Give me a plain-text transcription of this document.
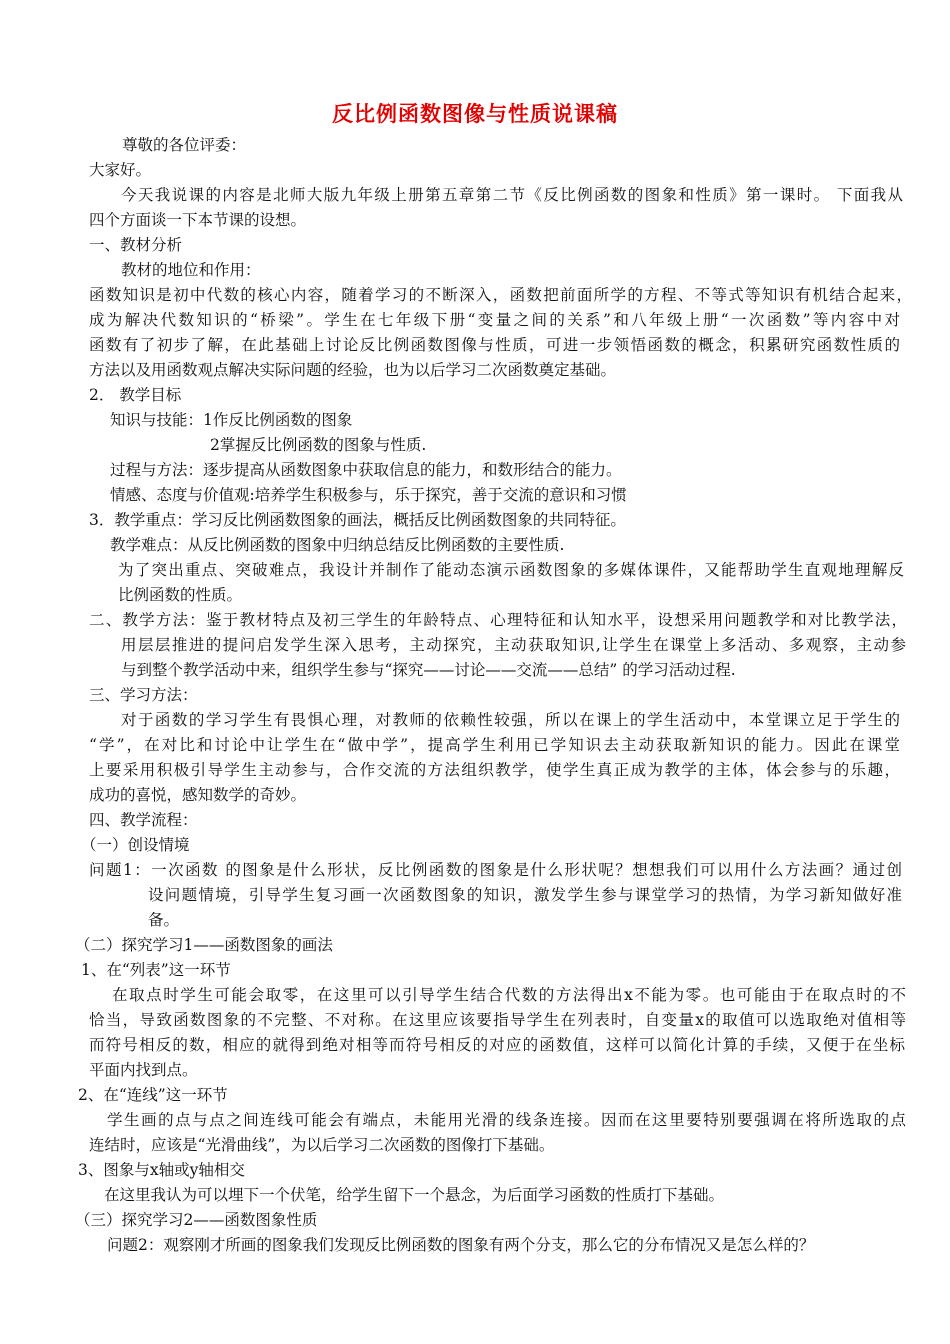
反比例函数图像与性质说课稿
尊敬的各位评委：
大家好。
今天我说课的内容是北师大版九年级上册第五章第二节《反比例函数的图象和性质》第一课时。 下面我从
四个方面谈一下本节课的设想。
一、教材分析
教材的地位和作用：
函数知识是初中代数的核心内容，随着学习的不断深入，函数把前面所学的方程、不等式等知识有机结合起来，
成为解决代数知识的“桥梁”。学生在七年级下册“变量之间的关系”和八年级上册“一次函数”等内容中对
函数有了初步了解，在此基础上讨论反比例函数图像与性质，可进一步领悟函数的概念，积累研究函数性质的
方法以及用函数观点解决实际问题的经验，也为以后学习二次函数奠定基础。
2． 教学目标
知识与技能：1作反比例函数的图象
2掌握反比例函数的图象与性质.
过程与方法：逐步提高从函数图象中获取信息的能力，和数形结合的能力。
情感、态度与价值观:培养学生积极参与，乐于探究，善于交流的意识和习惯
3．教学重点：学习反比例函数图象的画法，概括反比例函数图象的共同特征。
教学难点：从反比例函数的图象中归纳总结反比例函数的主要性质.
为了突出重点、突破难点，我设计并制作了能动态演示函数图象的多媒体课件，又能帮助学生直观地理解反
比例函数的性质。
二、教学方法：鉴于教材特点及初三学生的年龄特点、心理特征和认知水平，设想采用问题教学和对比教学法，
用层层推进的提问启发学生深入思考，主动探究，主动获取知识,让学生在课堂上多活动、多观察，主动参
与到整个教学活动中来，组织学生参与“探究——讨论——交流——总结” 的学习活动过程.
三、学习方法：
对于函数的学习学生有畏惧心理，对教师的依赖性较强，所以在课上的学生活动中，本堂课立足于学生的
“学”，在对比和讨论中让学生在“做中学”，提高学生利用已学知识去主动获取新知识的能力。因此在课堂
上要采用积极引导学生主动参与，合作交流的方法组织教学，使学生真正成为教学的主体，体会参与的乐趣，
成功的喜悦，感知数学的奇妙。
四、教学流程：
（一）创设情境
问题1：一次函数 的图象是什么形状，反比例函数的图象是什么形状呢？想想我们可以用什么方法画？通过创
设问题情境，引导学生复习画一次函数图象的知识，激发学生参与课堂学习的热情，为学习新知做好准
备。
（二）探究学习1——函数图象的画法
1、在“列表”这一环节
在取点时学生可能会取零，在这里可以引导学生结合代数的方法得出x不能为零。也可能由于在取点时的不
恰当，导致函数图象的不完整、不对称。在这里应该要指导学生在列表时，自变量x的取值可以选取绝对值相等
而符号相反的数，相应的就得到绝对相等而符号相反的对应的函数值，这样可以简化计算的手续，又便于在坐标
平面内找到点。
2、在“连线”这一环节
学生画的点与点之间连线可能会有端点，未能用光滑的线条连接。因而在这里要特别要强调在将所选取的点
连结时，应该是“光滑曲线”，为以后学习二次函数的图像打下基础。
3、图象与x轴或y轴相交
在这里我认为可以埋下一个伏笔，给学生留下一个悬念，为后面学习函数的性质打下基础。
（三）探究学习2——函数图象性质
问题2：观察刚才所画的图象我们发现反比例函数的图象有两个分支，那么它的分布情况又是怎么样的？
